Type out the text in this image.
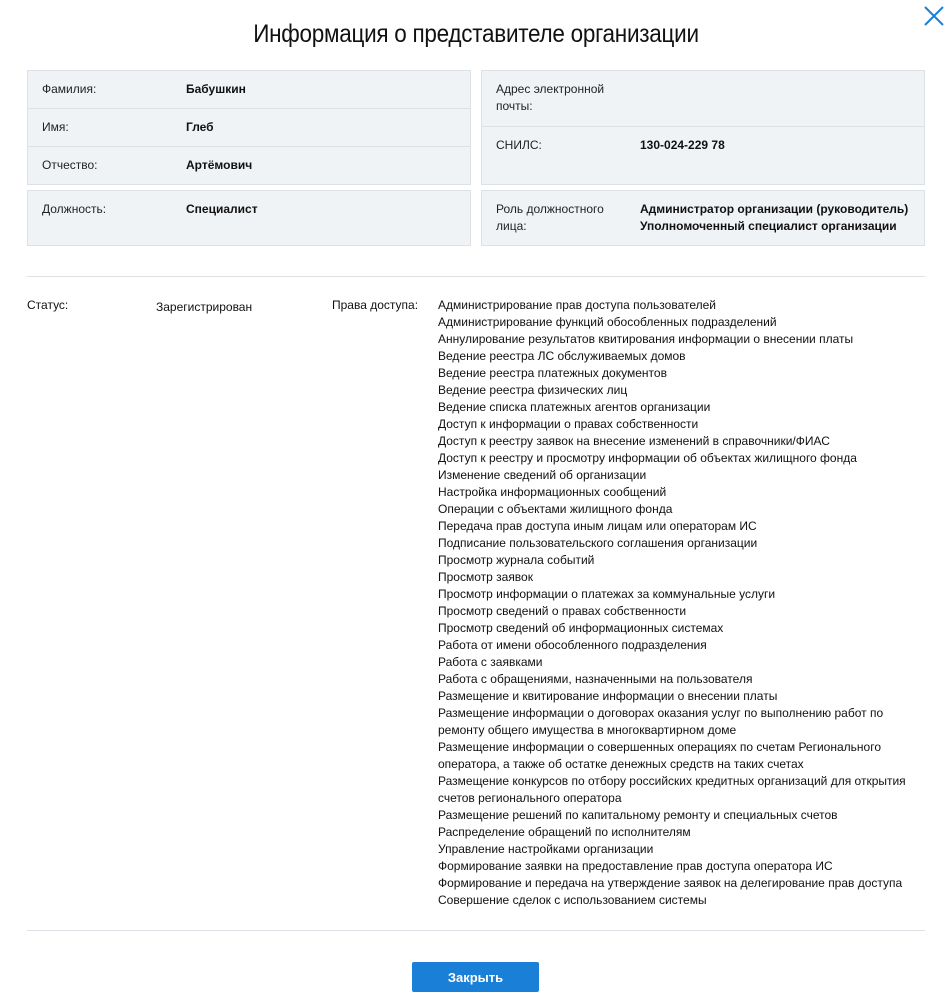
Информация о представителе организации
Фамилия:	Бабушкин
Имя:	Глеб
Отчество:	Артёмович
Должность:	Специалист
Адрес электронной
почты:
СНИЛС:	130-024-229 78
Роль должностного
лица:
Администратор организации (руководитель)
Уполномоченный специалист организации
Статус:	Зарегистрирован	Права доступа: Администрирование прав доступа пользователей
Администрирование функций обособленных подразделений
Аннулирование результатов квитирования информации о внесении платы
Ведение реестра ЛС обслуживаемых домов
Ведение реестра платежных документов
Ведение реестра физических лиц
Ведение списка платежных агентов организации
Доступ к информации о правах собственности
Доступ к реестру заявок на внесение изменений в справочники/ФИАС
Доступ к реестру и просмотру информации об объектах жилищного фонда
Изменение сведений об организации
Настройка информационных сообщений
Операции с объектами жилищного фонда
Передача прав доступа иным лицам или операторам ИС
Подписание пользовательского соглашения организации
Просмотр журнала событий
Просмотр заявок
Просмотр информации о платежах за коммунальные услуги
Просмотр сведений о правах собственности
Просмотр сведений об информационных системах
Работа от имени обособленного подразделения
Работа с заявками
Работа с обращениями, назначенными на пользователя
Размещение и квитирование информации о внесении платы
Размещение информации о договорах оказания услуг по выполнению работ по ремонту общего имущества в многоквартирном доме
Размещение информации о совершенных операциях по счетам Регионального оператора, а также об остатке денежных средств на таких счетах
Размещение конкурсов по отбору российских кредитных организаций для открытия счетов регионального оператора
Размещение решений по капитальному ремонту и специальных счетов
Распределение обращений по исполнителям
Управление настройками организации
Формирование заявки на предоставление прав доступа оператора ИС
Формирование и передача на утверждение заявок на делегирование прав доступа
Совершение сделок с использованием системы
Закрыть
